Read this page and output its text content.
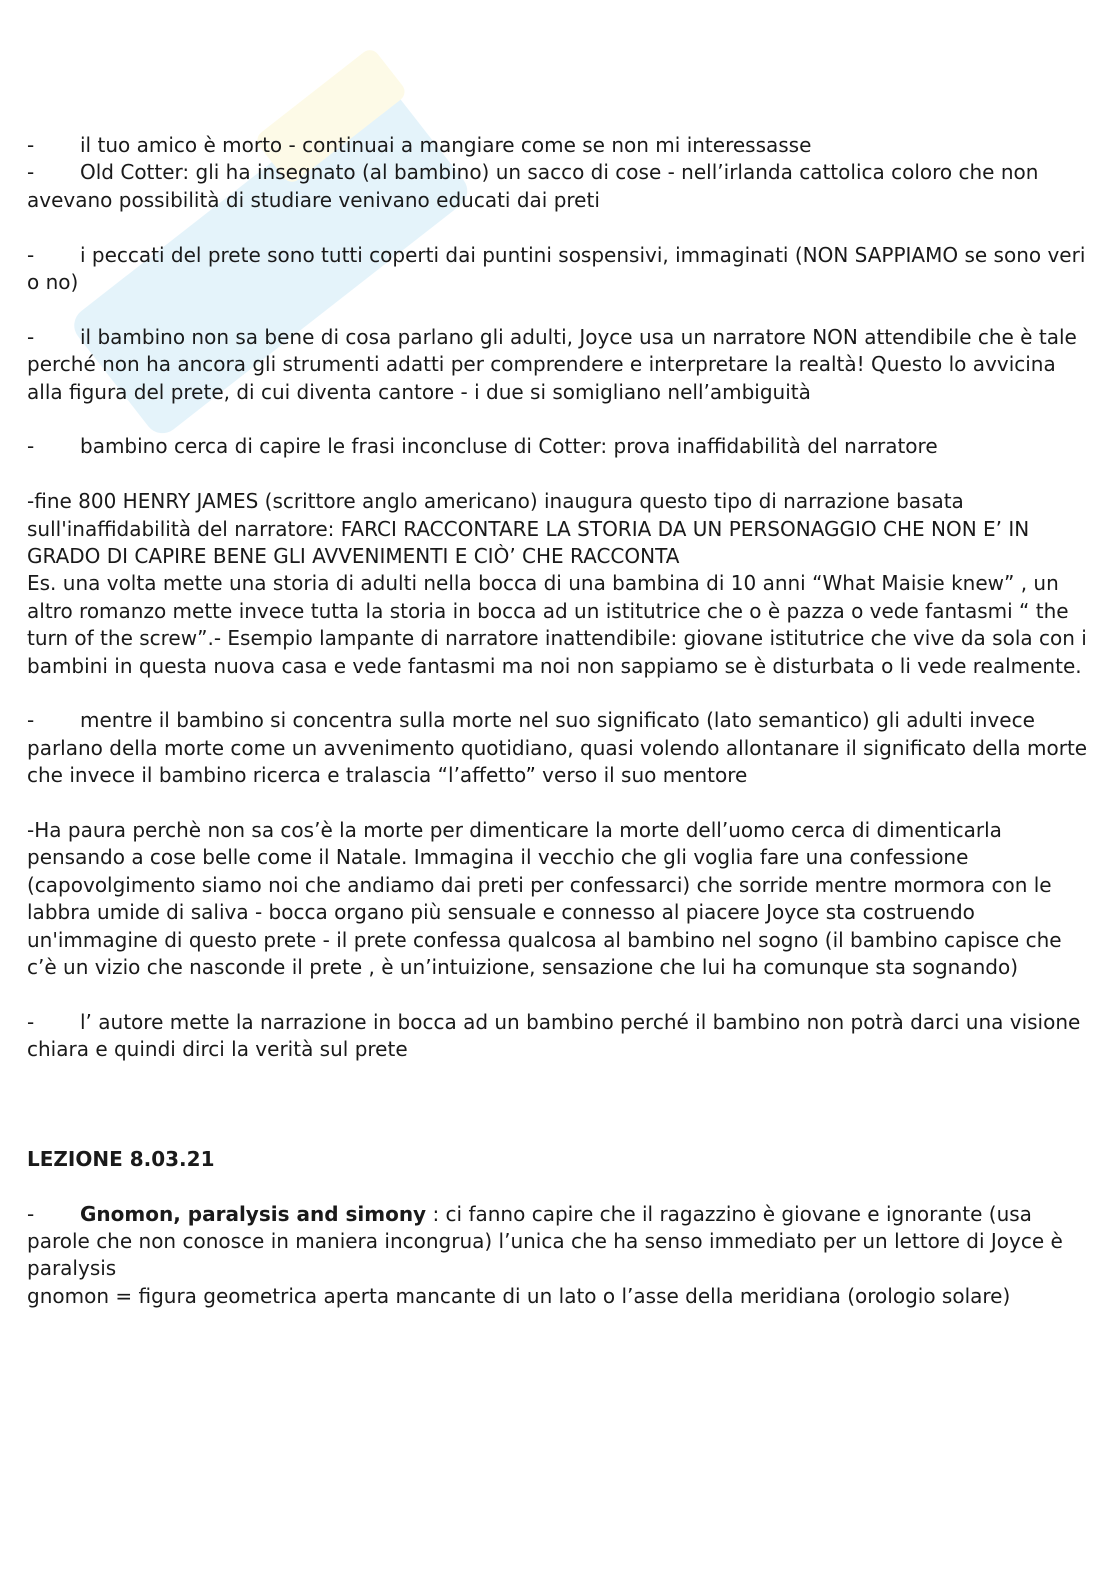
- il tuo amico è morto - continuai a mangiare come se non mi interessasse

- Old Cotter: gli ha insegnato (al bambino) un sacco di cose - nell’irlanda cattolica coloro che non avevano possibilità di studiare venivano educati dai preti

- i peccati del prete sono tutti coperti dai puntini sospensivi, immaginati (NON SAPPIAMO se sono veri o no)

- il bambino non sa bene di cosa parlano gli adulti, Joyce usa un narratore NON attendibile che è tale perché non ha ancora gli strumenti adatti per comprendere e interpretare la realtà! Questo lo avvicina alla figura del prete, di cui diventa cantore - i due si somigliano nell’ambiguità

- bambino cerca di capire le frasi inconcluse di Cotter: prova inaffidabilità del narratore

-fine 800 HENRY JAMES (scrittore anglo americano) inaugura questo tipo di narrazione basata sull'inaffidabilità del narratore: FARCI RACCONTARE LA STORIA DA UN PERSONAGGIO CHE NON E’ IN GRADO DI CAPIRE BENE GLI AVVENIMENTI E CIÒ’ CHE RACCONTA

Es. una volta mette una storia di adulti nella bocca di una bambina di 10 anni “What Maisie knew” , un altro romanzo mette invece tutta la storia in bocca ad un istitutrice che o è pazza o vede fantasmi “ the turn of the screw”.- Esempio lampante di narratore inattendibile: giovane istitutrice che vive da sola con i bambini in questa nuova casa e vede fantasmi ma noi non sappiamo se è disturbata o li vede realmente.

- mentre il bambino si concentra sulla morte nel suo significato (lato semantico) gli adulti invece parlano della morte come un avvenimento quotidiano, quasi volendo allontanare il significato della morte che invece il bambino ricerca e tralascia “l’affetto” verso il suo mentore

-Ha paura perchè non sa cos’è la morte per dimenticare la morte dell’uomo cerca di dimenticarla pensando a cose belle come il Natale. Immagina il vecchio che gli voglia fare una confessione (capovolgimento siamo noi che andiamo dai preti per confessarci) che sorride mentre mormora con le labbra umide di saliva - bocca organo più sensuale e connesso al piacere Joyce sta costruendo un'immagine di questo prete - il prete confessa qualcosa al bambino nel sogno (il bambino capisce che c’è un vizio che nasconde il prete , è un’intuizione, sensazione che lui ha comunque sta sognando)

- l’ autore mette la narrazione in bocca ad un bambino perché il bambino non potrà darci una visione chiara e quindi dirci la verità sul prete

LEZIONE 8.03.21

- Gnomon, paralysis and simony : ci fanno capire che il ragazzino è giovane e ignorante (usa parole che non conosce in maniera incongrua) l’unica che ha senso immediato per un lettore di Joyce è paralysis

gnomon = figura geometrica aperta mancante di un lato o l’asse della meridiana (orologio solare)
